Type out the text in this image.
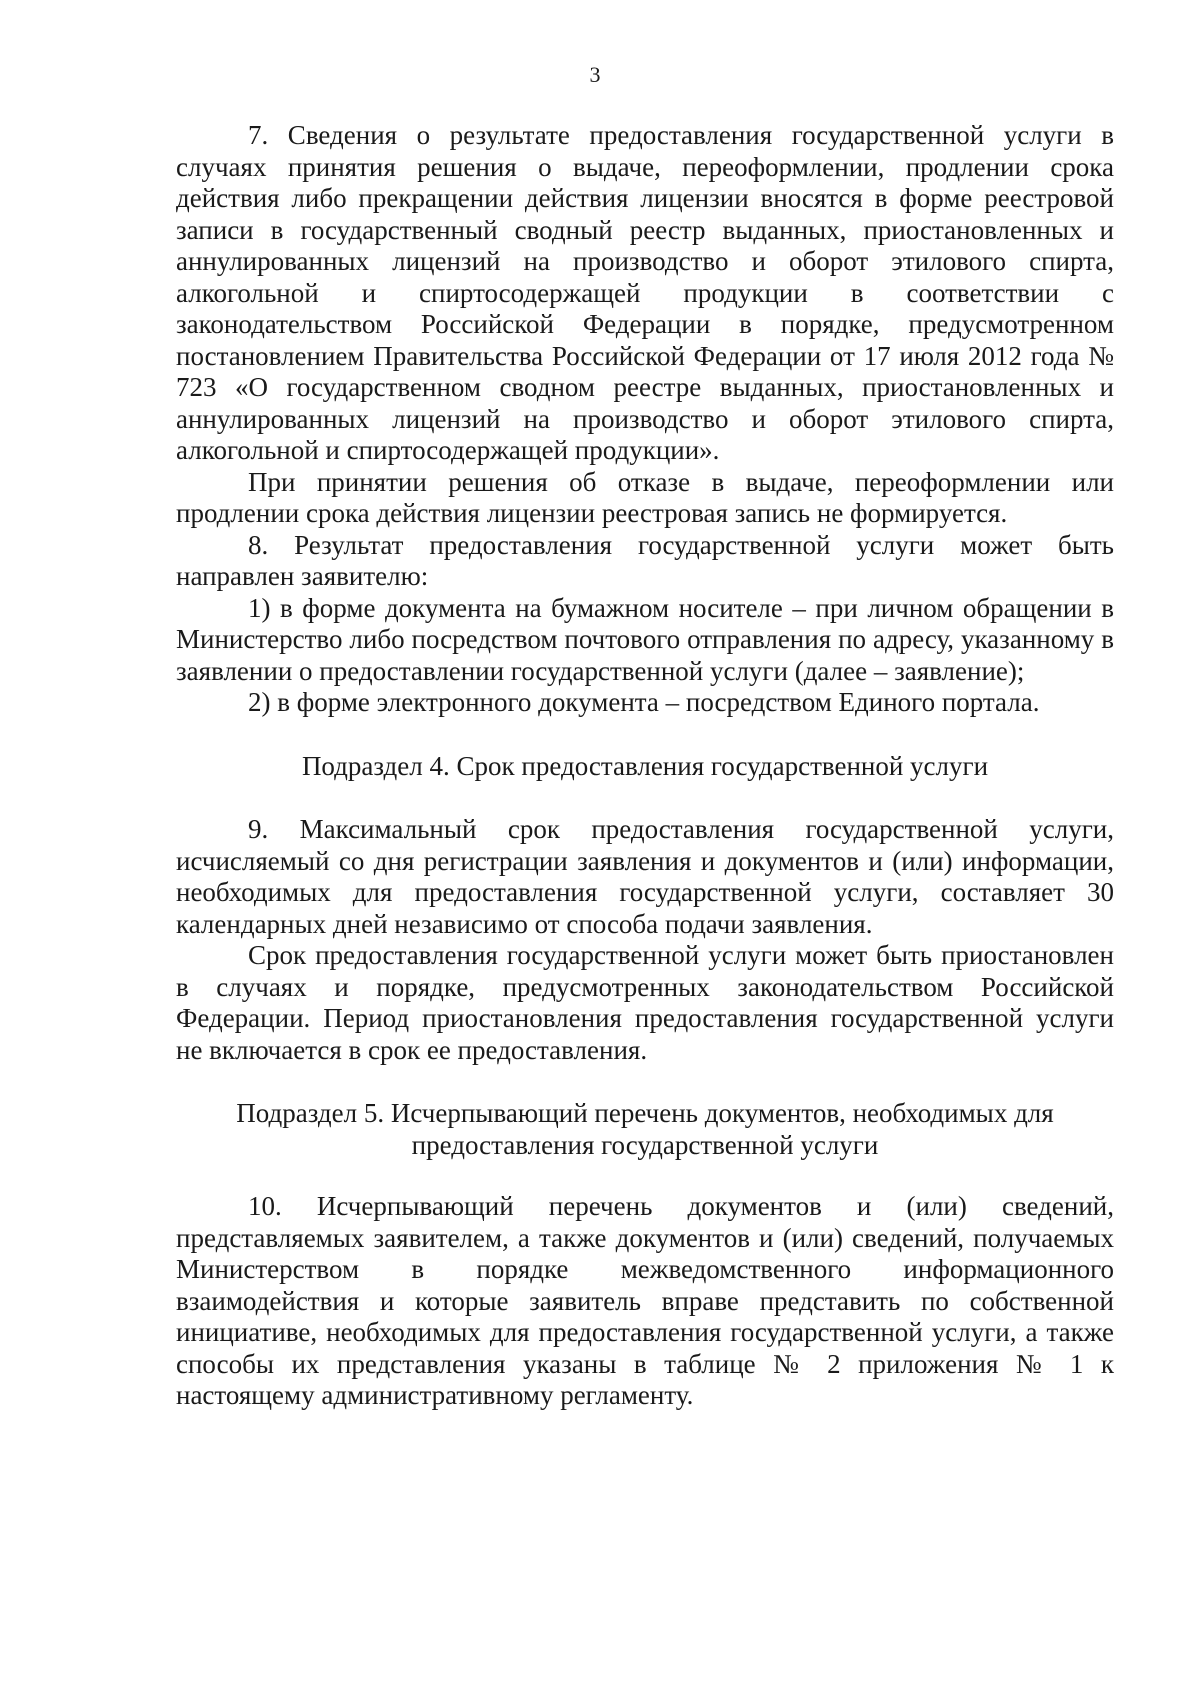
3

7. Сведения о результате предоставления государственной услуги в случаях принятия решения о выдаче, переоформлении, продлении срока действия либо прекращении действия лицензии вносятся в форме реестровой записи в государственный сводный реестр выданных, приостановленных и аннулированных лицензий на производство и оборот этилового спирта, алкогольной и спиртосодержащей продукции в соответствии с законодательством Российской Федерации в порядке, предусмотренном постановлением Правительства Российской Федерации от 17 июля 2012 года № 723 «О государственном сводном реестре выданных, приостановленных и аннулированных лицензий на производство и оборот этилового спирта, алкогольной и спиртосодержащей продукции».

При принятии решения об отказе в выдаче, переоформлении или продлении срока действия лицензии реестровая запись не формируется.

8. Результат предоставления государственной услуги может быть направлен заявителю:

1) в форме документа на бумажном носителе – при личном обращении в Министерство либо посредством почтового отправления по адресу, указанному в заявлении о предоставлении государственной услуги (далее – заявление);

2) в форме электронного документа – посредством Единого портала.

Подраздел 4. Срок предоставления государственной услуги

9. Максимальный срок предоставления государственной услуги, исчисляемый со дня регистрации заявления и документов и (или) информации, необходимых для предоставления государственной услуги, составляет 30 календарных дней независимо от способа подачи заявления.

Срок предоставления государственной услуги может быть приостановлен в случаях и порядке, предусмотренных законодательством Российской Федерации. Период приостановления предоставления государственной услуги не включается в срок ее предоставления.

Подраздел 5. Исчерпывающий перечень документов, необходимых для

предоставления государственной услуги

10. Исчерпывающий перечень документов и (или) сведений, представляемых заявителем, а также документов и (или) сведений, получаемых Министерством в порядке межведомственного информационного взаимодействия и которые заявитель вправе представить по собственной инициативе, необходимых для предоставления государственной услуги, а также способы их представления указаны в таблице № 2 приложения № 1 к настоящему административному регламенту.
